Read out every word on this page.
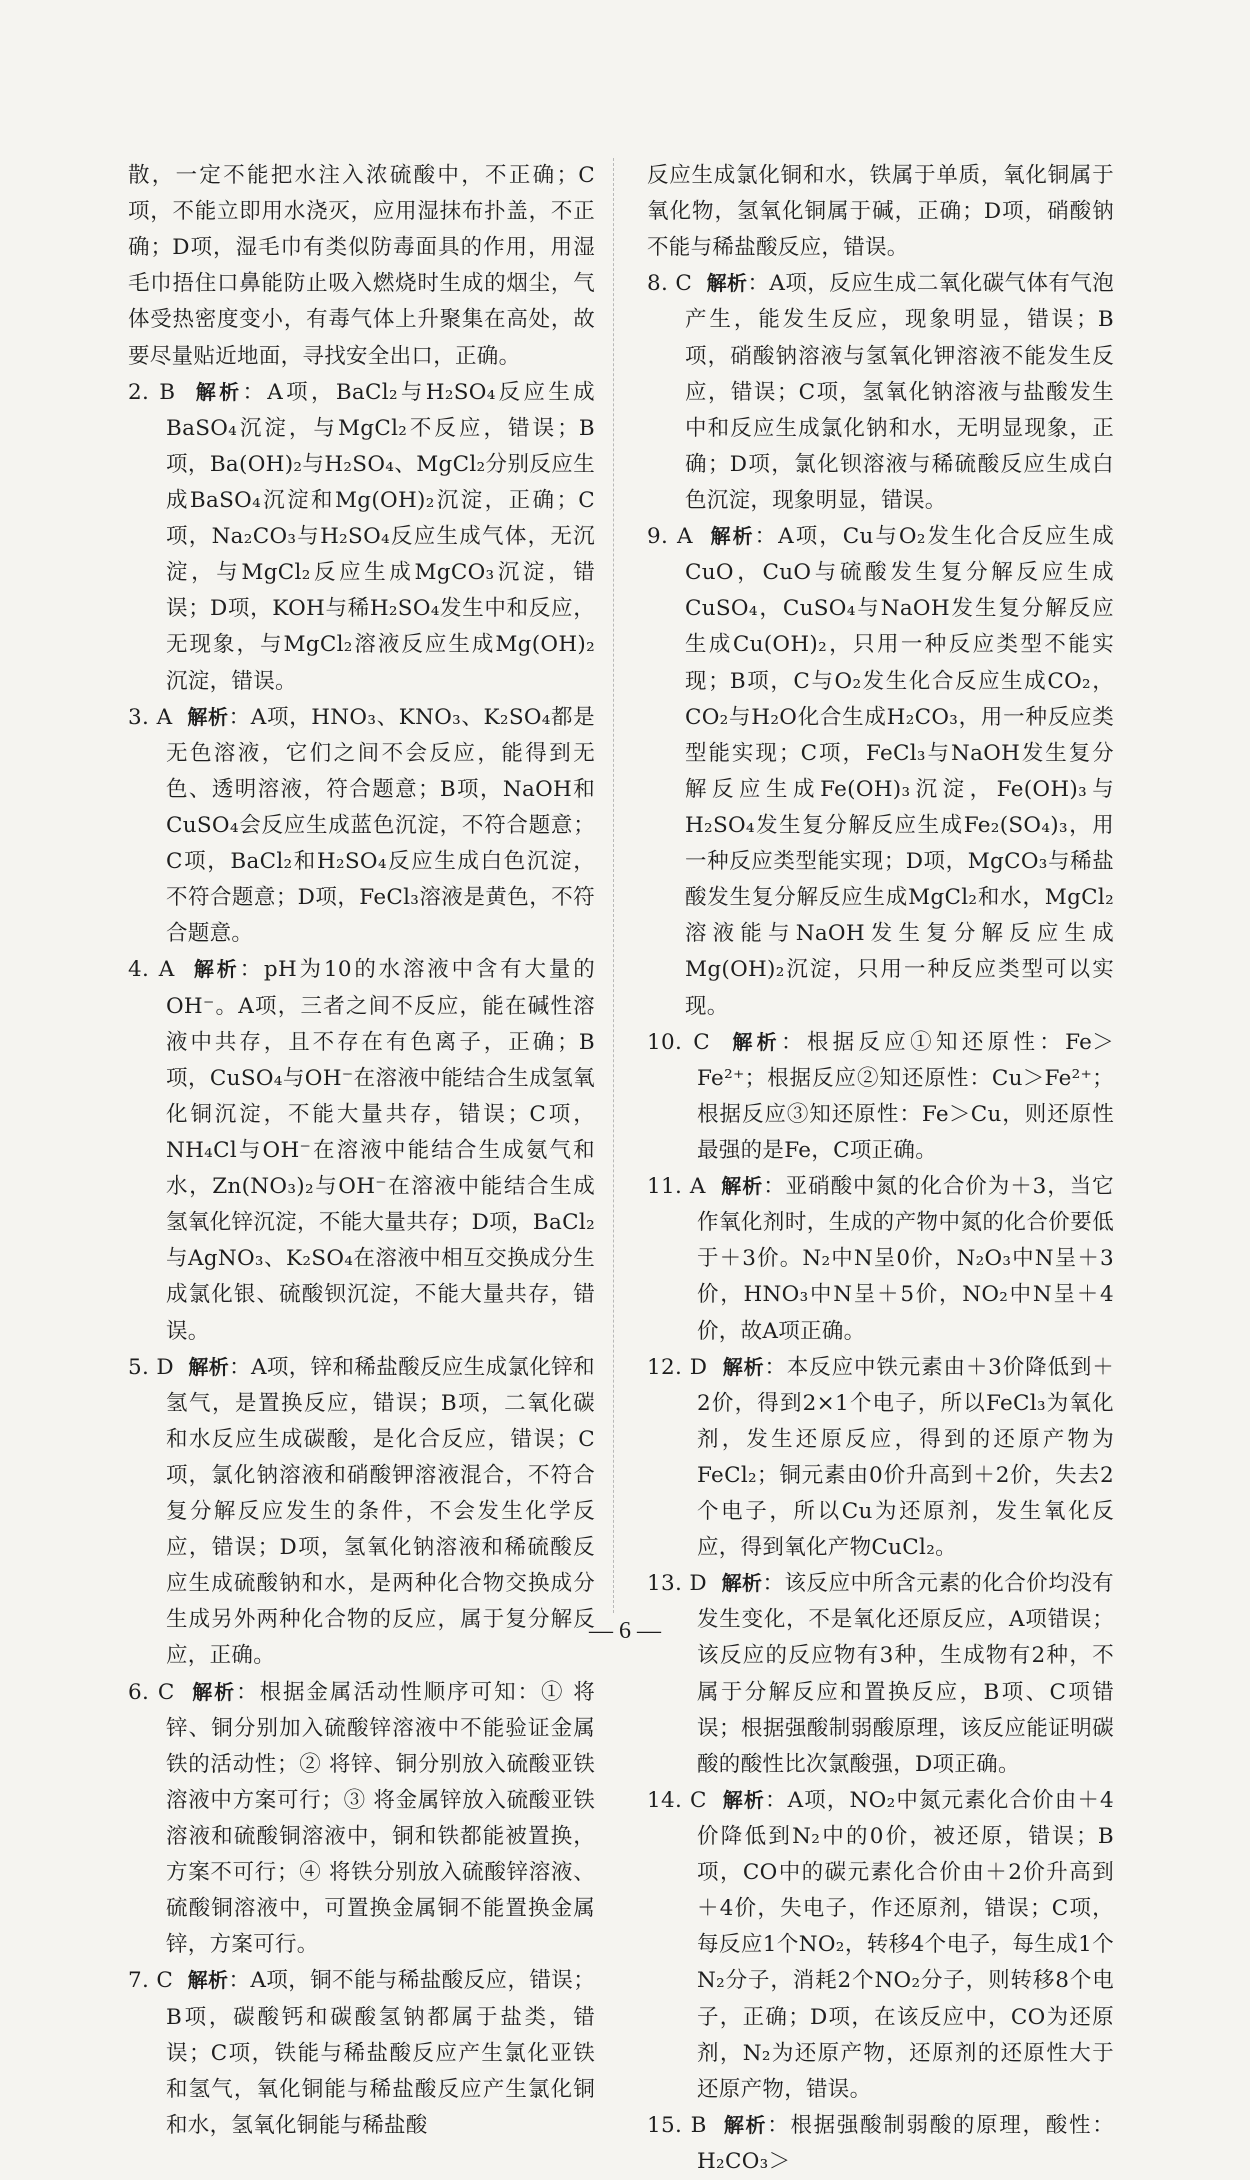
散，一定不能把水注入浓硫酸中，不正确；C项，不能立即用水浇灭，应用湿抹布扑盖，不正确；D项，湿毛巾有类似防毒面具的作用，用湿毛巾捂住口鼻能防止吸入燃烧时生成的烟尘，气体受热密度变小，有毒气体上升聚集在高处，故要尽量贴近地面，寻找安全出口，正确。

2. B 解析：A项，BaCl₂与H₂SO₄反应生成BaSO₄沉淀，与MgCl₂不反应，错误；B项，Ba(OH)₂与H₂SO₄、MgCl₂分别反应生成BaSO₄沉淀和Mg(OH)₂沉淀，正确；C项，Na₂CO₃与H₂SO₄反应生成气体，无沉淀，与MgCl₂反应生成MgCO₃沉淀，错误；D项，KOH与稀H₂SO₄发生中和反应，无现象，与MgCl₂溶液反应生成Mg(OH)₂沉淀，错误。

3. A 解析：A项，HNO₃、KNO₃、K₂SO₄都是无色溶液，它们之间不会反应，能得到无色、透明溶液，符合题意；B项，NaOH和CuSO₄会反应生成蓝色沉淀，不符合题意；C项，BaCl₂和H₂SO₄反应生成白色沉淀，不符合题意；D项，FeCl₃溶液是黄色，不符合题意。

4. A 解析：pH为10的水溶液中含有大量的OH⁻。A项，三者之间不反应，能在碱性溶液中共存，且不存在有色离子，正确；B项，CuSO₄与OH⁻在溶液中能结合生成氢氧化铜沉淀，不能大量共存，错误；C项，NH₄Cl与OH⁻在溶液中能结合生成氨气和水，Zn(NO₃)₂与OH⁻在溶液中能结合生成氢氧化锌沉淀，不能大量共存；D项，BaCl₂与AgNO₃、K₂SO₄在溶液中相互交换成分生成氯化银、硫酸钡沉淀，不能大量共存，错误。

5. D 解析：A项，锌和稀盐酸反应生成氯化锌和氢气，是置换反应，错误；B项，二氧化碳和水反应生成碳酸，是化合反应，错误；C项，氯化钠溶液和硝酸钾溶液混合，不符合复分解反应发生的条件，不会发生化学反应，错误；D项，氢氧化钠溶液和稀硫酸反应生成硫酸钠和水，是两种化合物交换成分生成另外两种化合物的反应，属于复分解反应，正确。

6. C 解析：根据金属活动性顺序可知：① 将锌、铜分别加入硫酸锌溶液中不能验证金属铁的活动性；② 将锌、铜分别放入硫酸亚铁溶液中方案可行；③ 将金属锌放入硫酸亚铁溶液和硫酸铜溶液中，铜和铁都能被置换，方案不可行；④ 将铁分别放入硫酸锌溶液、硫酸铜溶液中，可置换金属铜不能置换金属锌，方案可行。

7. C 解析：A项，铜不能与稀盐酸反应，错误；B项，碳酸钙和碳酸氢钠都属于盐类，错误；C项，铁能与稀盐酸反应产生氯化亚铁和氢气，氧化铜能与稀盐酸反应产生氯化铜和水，氢氧化铜能与稀盐酸

反应生成氯化铜和水，铁属于单质，氧化铜属于氧化物，氢氧化铜属于碱，正确；D项，硝酸钠不能与稀盐酸反应，错误。

8. C 解析：A项，反应生成二氧化碳气体有气泡产生，能发生反应，现象明显，错误；B项，硝酸钠溶液与氢氧化钾溶液不能发生反应，错误；C项，氢氧化钠溶液与盐酸发生中和反应生成氯化钠和水，无明显现象，正确；D项，氯化钡溶液与稀硫酸反应生成白色沉淀，现象明显，错误。

9. A 解析：A项，Cu与O₂发生化合反应生成CuO，CuO与硫酸发生复分解反应生成CuSO₄，CuSO₄与NaOH发生复分解反应生成Cu(OH)₂，只用一种反应类型不能实现；B项，C与O₂发生化合反应生成CO₂，CO₂与H₂O化合生成H₂CO₃，用一种反应类型能实现；C项，FeCl₃与NaOH发生复分解反应生成Fe(OH)₃沉淀，Fe(OH)₃与H₂SO₄发生复分解反应生成Fe₂(SO₄)₃，用一种反应类型能实现；D项，MgCO₃与稀盐酸发生复分解反应生成MgCl₂和水，MgCl₂溶液能与NaOH发生复分解反应生成Mg(OH)₂沉淀，只用一种反应类型可以实现。

10. C 解析：根据反应①知还原性：Fe＞Fe²⁺；根据反应②知还原性：Cu＞Fe²⁺；根据反应③知还原性：Fe＞Cu，则还原性最强的是Fe，C项正确。

11. A 解析：亚硝酸中氮的化合价为＋3，当它作氧化剂时，生成的产物中氮的化合价要低于＋3价。N₂中N呈0价，N₂O₃中N呈＋3价，HNO₃中N呈＋5价，NO₂中N呈＋4价，故A项正确。

12. D 解析：本反应中铁元素由＋3价降低到＋2价，得到2×1个电子，所以FeCl₃为氧化剂，发生还原反应，得到的还原产物为FeCl₂；铜元素由0价升高到＋2价，失去2个电子，所以Cu为还原剂，发生氧化反应，得到氧化产物CuCl₂。

13. D 解析：该反应中所含元素的化合价均没有发生变化，不是氧化还原反应，A项错误；该反应的反应物有3种，生成物有2种，不属于分解反应和置换反应，B项、C项错误；根据强酸制弱酸原理，该反应能证明碳酸的酸性比次氯酸强，D项正确。

14. C 解析：A项，NO₂中氮元素化合价由＋4价降低到N₂中的0价，被还原，错误；B项，CO中的碳元素化合价由＋2价升高到＋4价，失电子，作还原剂，错误；C项，每反应1个NO₂，转移4个电子，每生成1个N₂分子，消耗2个NO₂分子，则转移8个电子，正确；D项，在该反应中，CO为还原剂，N₂为还原产物，还原剂的还原性大于还原产物，错误。

15. B 解析：根据强酸制弱酸的原理，酸性：H₂CO₃＞

— 6 —
